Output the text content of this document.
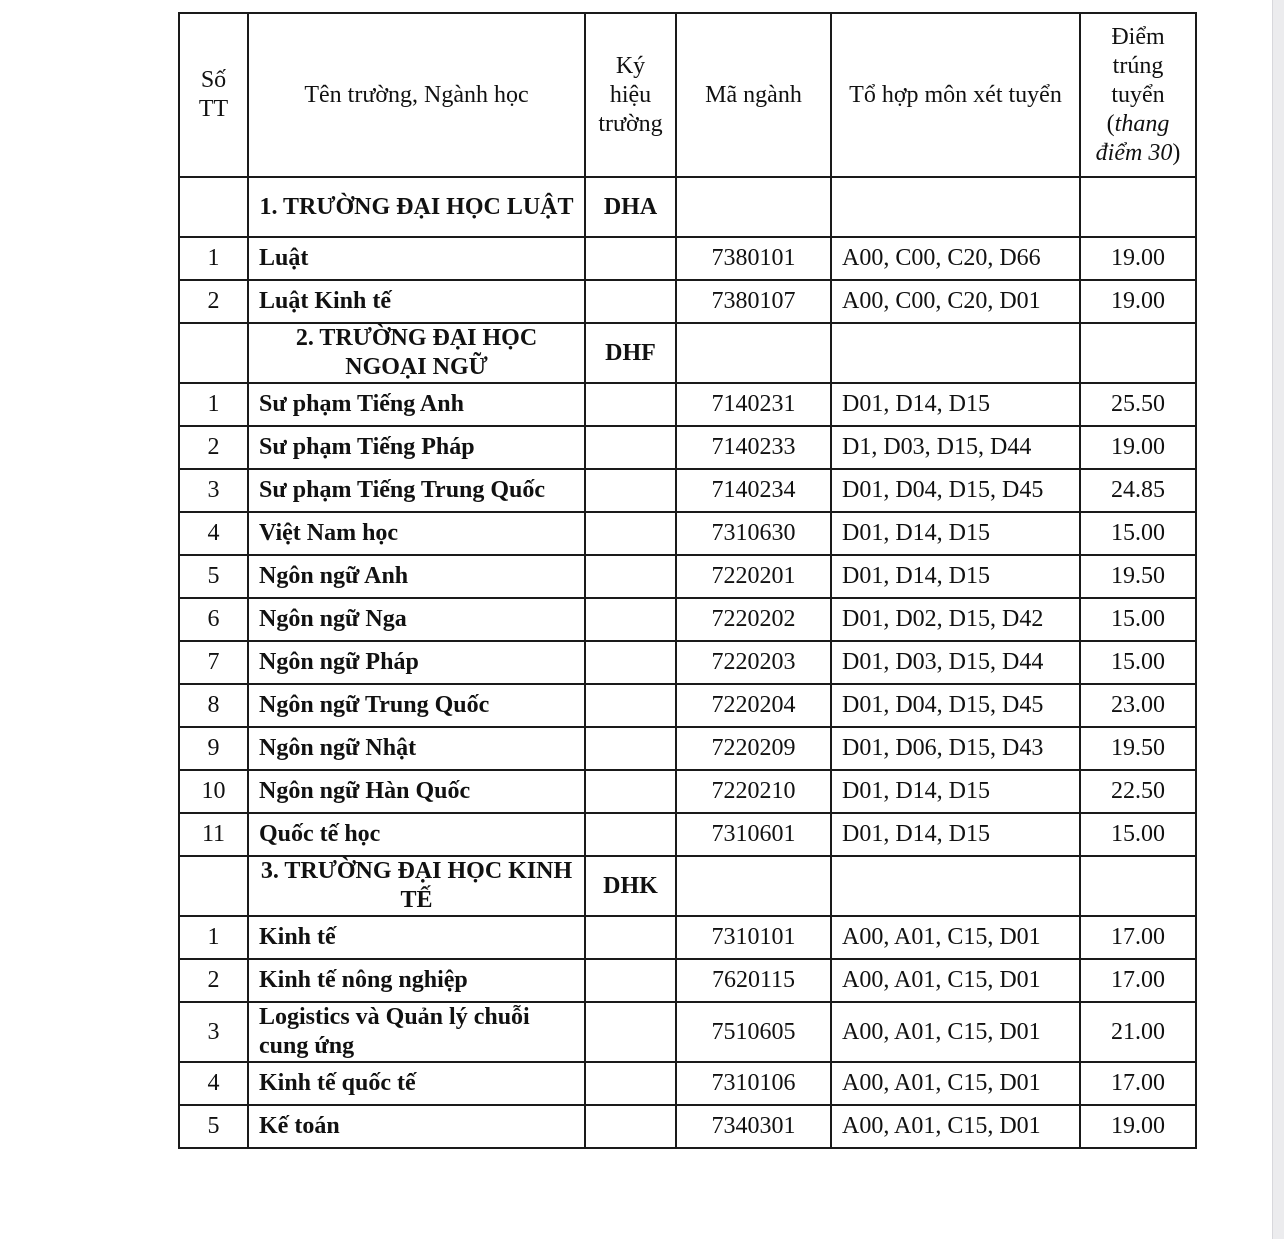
Số TT	Tên trường, Ngành học	Ký hiệu trường	Mã ngành	Tổ hợp môn xét tuyển	Điểm trúng tuyển (thang điểm 30)
	1. TRƯỜNG ĐẠI HỌC LUẬT	DHA			
1	Luật		7380101	A00, C00, C20, D66	19.00
2	Luật Kinh tế		7380107	A00, C00, C20, D01	19.00
	2. TRƯỜNG ĐẠI HỌC NGOẠI NGỮ	DHF			
1	Sư phạm Tiếng Anh		7140231	D01, D14, D15	25.50
2	Sư phạm Tiếng Pháp		7140233	D1, D03, D15, D44	19.00
3	Sư phạm Tiếng Trung Quốc		7140234	D01, D04, D15, D45	24.85
4	Việt Nam học		7310630	D01, D14, D15	15.00
5	Ngôn ngữ Anh		7220201	D01, D14, D15	19.50
6	Ngôn ngữ Nga		7220202	D01, D02, D15, D42	15.00
7	Ngôn ngữ Pháp		7220203	D01, D03, D15, D44	15.00
8	Ngôn ngữ Trung Quốc		7220204	D01, D04, D15, D45	23.00
9	Ngôn ngữ Nhật		7220209	D01, D06, D15, D43	19.50
10	Ngôn ngữ Hàn Quốc		7220210	D01, D14, D15	22.50
11	Quốc tế học		7310601	D01, D14, D15	15.00
	3. TRƯỜNG ĐẠI HỌC KINH TẾ	DHK			
1	Kinh tế		7310101	A00, A01, C15, D01	17.00
2	Kinh tế nông nghiệp		7620115	A00, A01, C15, D01	17.00
3	Logistics và Quản lý chuỗi cung ứng		7510605	A00, A01, C15, D01	21.00
4	Kinh tế quốc tế		7310106	A00, A01, C15, D01	17.00
5	Kế toán		7340301	A00, A01, C15, D01	19.00
